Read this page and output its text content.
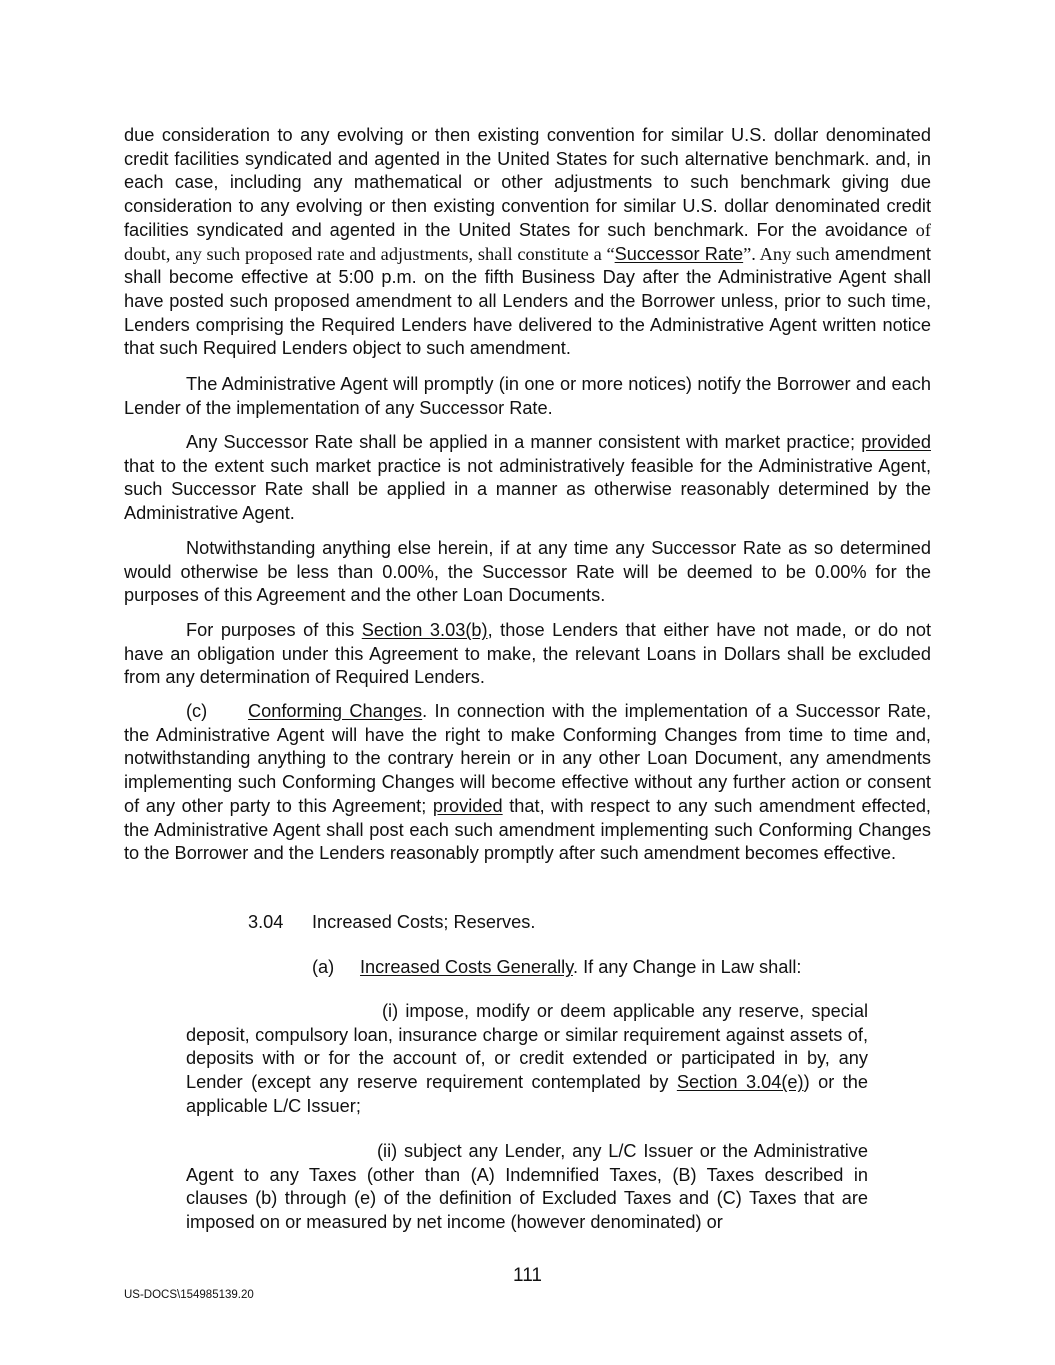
due consideration to any evolving or then existing convention for similar U.S. dollar denominated credit facilities syndicated and agented in the United States for such alternative benchmark. and, in each case, including any mathematical or other adjustments to such benchmark giving due consideration to any evolving or then existing convention for similar U.S. dollar denominated credit facilities syndicated and agented in the United States for such benchmark. For the avoidance of doubt, any such proposed rate and adjustments, shall constitute a “Successor Rate”. Any such amendment shall become effective at 5:00 p.m. on the fifth Business Day after the Administrative Agent shall have posted such proposed amendment to all Lenders and the Borrower unless, prior to such time, Lenders comprising the Required Lenders have delivered to the Administrative Agent written notice that such Required Lenders object to such amendment.

The Administrative Agent will promptly (in one or more notices) notify the Borrower and each Lender of the implementation of any Successor Rate.

Any Successor Rate shall be applied in a manner consistent with market practice; provided that to the extent such market practice is not administratively feasible for the Administrative Agent, such Successor Rate shall be applied in a manner as otherwise reasonably determined by the Administrative Agent.

Notwithstanding anything else herein, if at any time any Successor Rate as so determined would otherwise be less than 0.00%, the Successor Rate will be deemed to be 0.00% for the purposes of this Agreement and the other Loan Documents.

For purposes of this Section 3.03(b), those Lenders that either have not made, or do not have an obligation under this Agreement to make, the relevant Loans in Dollars shall be excluded from any determination of Required Lenders.

(c) Conforming Changes. In connection with the implementation of a Successor Rate, the Administrative Agent will have the right to make Conforming Changes from time to time and, notwithstanding anything to the contrary herein or in any other Loan Document, any amendments implementing such Conforming Changes will become effective without any further action or consent of any other party to this Agreement; provided that, with respect to any such amendment effected, the Administrative Agent shall post each such amendment implementing such Conforming Changes to the Borrower and the Lenders reasonably promptly after such amendment becomes effective.

3.04 Increased Costs; Reserves.
(a) Increased Costs Generally. If any Change in Law shall:

(i) impose, modify or deem applicable any reserve, special deposit, compulsory loan, insurance charge or similar requirement against assets of, deposits with or for the account of, or credit extended or participated in by, any Lender (except any reserve requirement contemplated by Section 3.04(e)) or the applicable L/C Issuer;

(ii) subject any Lender, any L/C Issuer or the Administrative Agent to any Taxes (other than (A) Indemnified Taxes, (B) Taxes described in clauses (b) through (e) of the definition of Excluded Taxes and (C) Taxes that are imposed on or measured by net income (however denominated) or

111
US-DOCS\154985139.20
